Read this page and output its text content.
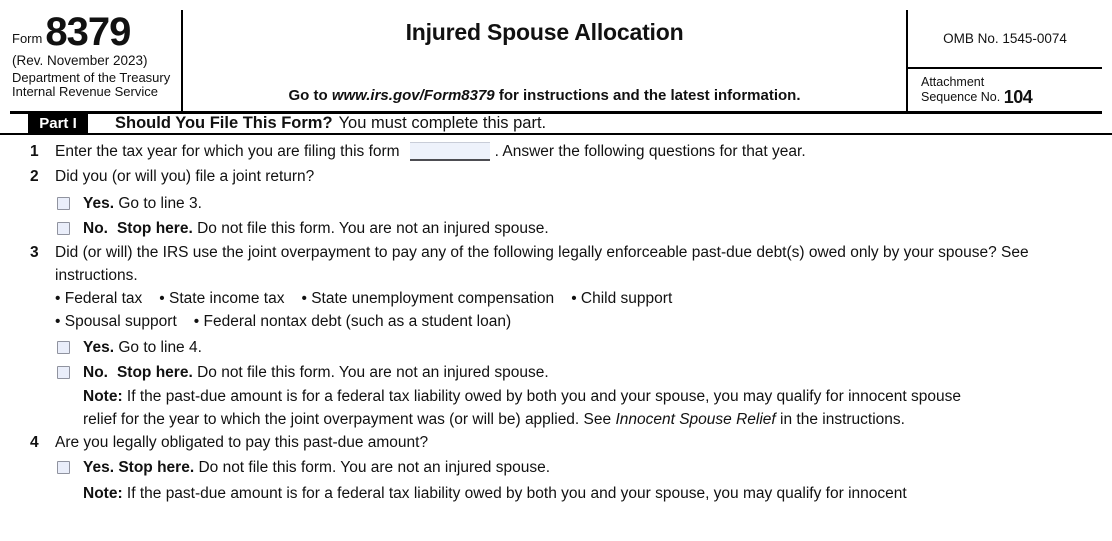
Form 8379
(Rev. November 2023)
Department of the Treasury
Internal Revenue Service
Injured Spouse Allocation
Go to www.irs.gov/Form8379 for instructions and the latest information.
OMB No. 1545-0074
Attachment
Sequence No. 104
Part I	Should You File This Form? You must complete this part.
1	Enter the tax year for which you are filing this form	. Answer the following questions for that year.
2	Did you (or will you) file a joint return?
Yes. Go to line 3.
No. Stop here. Do not file this form. You are not an injured spouse.
3	Did (or will) the IRS use the joint overpayment to pay any of the following legally enforceable past-due debt(s) owed only by your spouse? See instructions.
• Federal tax • State income tax • State unemployment compensation • Child support
• Spousal support • Federal nontax debt (such as a student loan)
Yes. Go to line 4.
No. Stop here. Do not file this form. You are not an injured spouse.
Note: If the past-due amount is for a federal tax liability owed by both you and your spouse, you may qualify for innocent spouse relief for the year to which the joint overpayment was (or will be) applied. See Innocent Spouse Relief in the instructions.
4	Are you legally obligated to pay this past-due amount?
Yes. Stop here. Do not file this form. You are not an injured spouse.
Note: If the past-due amount is for a federal tax liability owed by both you and your spouse, you may qualify for innocent
